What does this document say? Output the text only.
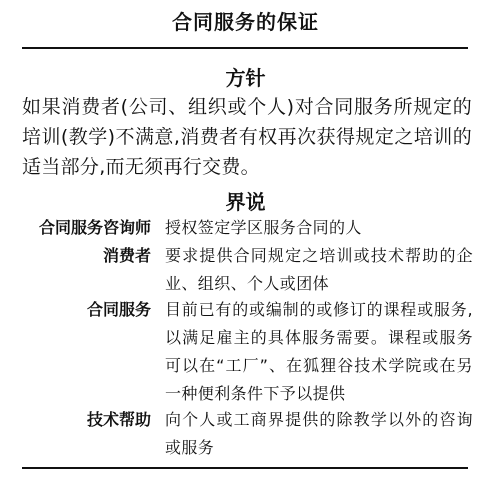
合同服务的保证
方针
如果消费者(公司、组织或个人)对合同服务所规定的培训(教学)不满意,消费者有权再次获得规定之培训的适当部分,而无须再行交费。
界说
合同服务咨询师 授权签定学区服务合同的人
消费者 要求提供合同规定之培训或技术帮助的企业、组织、个人或团体
合同服务 目前已有的或编制的或修订的课程或服务,以满足雇主的具体服务需要。课程或服务可以在“工厂”、在狐狸谷技术学院或在另一种便利条件下予以提供
技术帮助 向个人或工商界提供的除教学以外的咨询或服务
